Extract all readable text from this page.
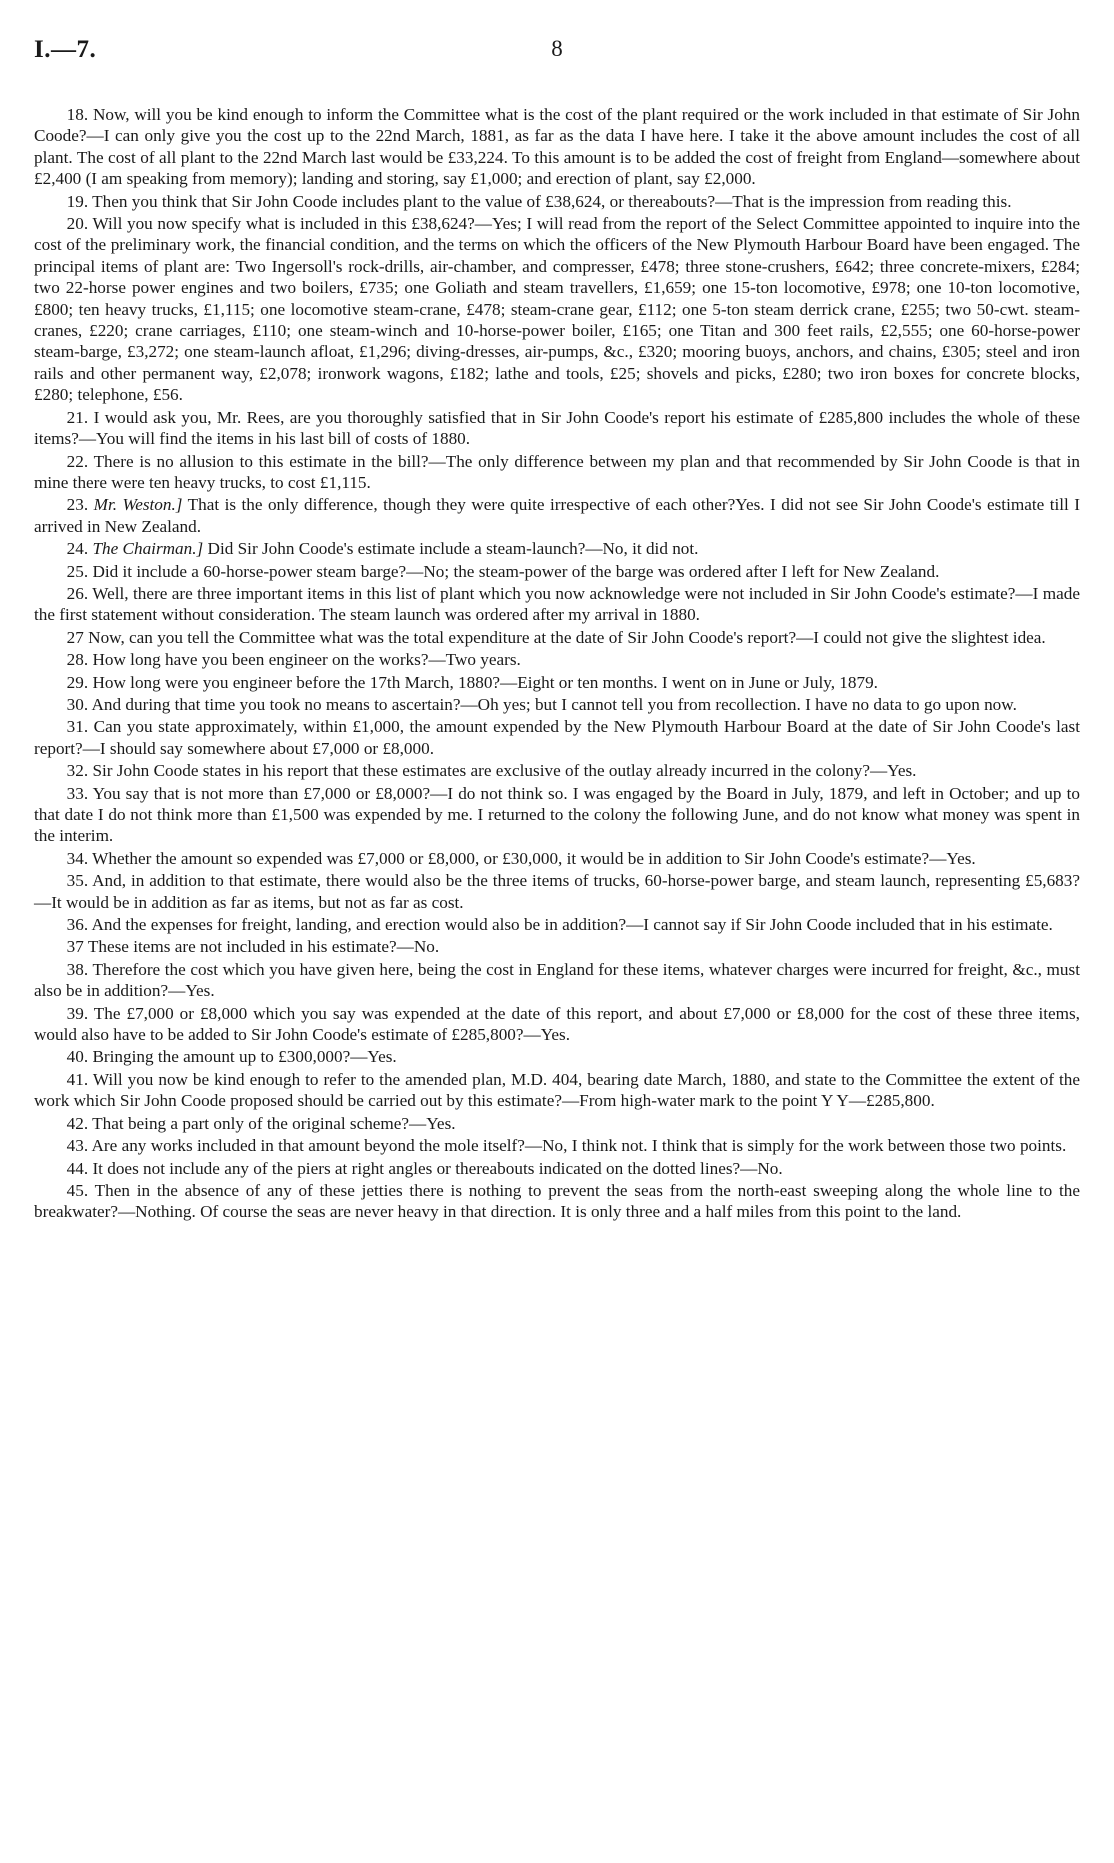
I.—7.	8

18. Now, will you be kind enough to inform the Committee what is the cost of the plant required or the work included in that estimate of Sir John Coode?—I can only give you the cost up to the 22nd March, 1881, as far as the data I have here. I take it the above amount includes the cost of all plant. The cost of all plant to the 22nd March last would be £33,224. To this amount is to be added the cost of freight from England—somewhere about £2,400 (I am speaking from memory); landing and storing, say £1,000; and erection of plant, say £2,000.

19. Then you think that Sir John Coode includes plant to the value of £38,624, or thereabouts?—That is the impression from reading this.

20. Will you now specify what is included in this £38,624?—Yes; I will read from the report of the Select Committee appointed to inquire into the cost of the preliminary work, the financial condition, and the terms on which the officers of the New Plymouth Harbour Board have been engaged. The principal items of plant are: Two Ingersoll's rock-drills, air-chamber, and compresser, £478; three stone-crushers, £642; three concrete-mixers, £284; two 22-horse power engines and two boilers, £735; one Goliath and steam travellers, £1,659; one 15-ton locomotive, £978; one 10-ton locomotive, £800; ten heavy trucks, £1,115; one locomotive steam-crane, £478; steam-crane gear, £112; one 5-ton steam derrick crane, £255; two 50-cwt. steam-cranes, £220; crane carriages, £110; one steam-winch and 10-horse-power boiler, £165; one Titan and 300 feet rails, £2,555; one 60-horse-power steam-barge, £3,272; one steam-launch afloat, £1,296; diving-dresses, air-pumps, &c., £320; mooring buoys, anchors, and chains, £305; steel and iron rails and other permanent way, £2,078; ironwork wagons, £182; lathe and tools, £25; shovels and picks, £280; two iron boxes for concrete blocks, £280; telephone, £56.

21. I would ask you, Mr. Rees, are you thoroughly satisfied that in Sir John Coode's report his estimate of £285,800 includes the whole of these items?—You will find the items in his last bill of costs of 1880.

22. There is no allusion to this estimate in the bill?—The only difference between my plan and that recommended by Sir John Coode is that in mine there were ten heavy trucks, to cost £1,115.

23. Mr. Weston.] That is the only difference, though they were quite irrespective of each other?Yes. I did not see Sir John Coode's estimate till I arrived in New Zealand.

24. The Chairman.] Did Sir John Coode's estimate include a steam-launch?—No, it did not.

25. Did it include a 60-horse-power steam barge?—No; the steam-power of the barge was ordered after I left for New Zealand.

26. Well, there are three important items in this list of plant which you now acknowledge were not included in Sir John Coode's estimate?—I made the first statement without consideration. The steam launch was ordered after my arrival in 1880.

27 Now, can you tell the Committee what was the total expenditure at the date of Sir John Coode's report?—I could not give the slightest idea.

28. How long have you been engineer on the works?—Two years.

29. How long were you engineer before the 17th March, 1880?—Eight or ten months. I went on in June or July, 1879.

30. And during that time you took no means to ascertain?—Oh yes; but I cannot tell you from recollection. I have no data to go upon now.

31. Can you state approximately, within £1,000, the amount expended by the New Plymouth Harbour Board at the date of Sir John Coode's last report?—I should say somewhere about £7,000 or £8,000.

32. Sir John Coode states in his report that these estimates are exclusive of the outlay already incurred in the colony?—Yes.

33. You say that is not more than £7,000 or £8,000?—I do not think so. I was engaged by the Board in July, 1879, and left in October; and up to that date I do not think more than £1,500 was expended by me. I returned to the colony the following June, and do not know what money was spent in the interim.

34. Whether the amount so expended was £7,000 or £8,000, or £30,000, it would be in addition to Sir John Coode's estimate?—Yes.

35. And, in addition to that estimate, there would also be the three items of trucks, 60-horse-power barge, and steam launch, representing £5,683?—It would be in addition as far as items, but not as far as cost.

36. And the expenses for freight, landing, and erection would also be in addition?—I cannot say if Sir John Coode included that in his estimate.

37 These items are not included in his estimate?—No.

38. Therefore the cost which you have given here, being the cost in England for these items, whatever charges were incurred for freight, &c., must also be in addition?—Yes.

39. The £7,000 or £8,000 which you say was expended at the date of this report, and about £7,000 or £8,000 for the cost of these three items, would also have to be added to Sir John Coode's estimate of £285,800?—Yes.

40. Bringing the amount up to £300,000?—Yes.

41. Will you now be kind enough to refer to the amended plan, M.D. 404, bearing date March, 1880, and state to the Committee the extent of the work which Sir John Coode proposed should be carried out by this estimate?—From high-water mark to the point Y Y—£285,800.

42. That being a part only of the original scheme?—Yes.

43. Are any works included in that amount beyond the mole itself?—No, I think not. I think that is simply for the work between those two points.

44. It does not include any of the piers at right angles or thereabouts indicated on the dotted lines?—No.

45. Then in the absence of any of these jetties there is nothing to prevent the seas from the north-east sweeping along the whole line to the breakwater?—Nothing. Of course the seas are never heavy in that direction. It is only three and a half miles from this point to the land.
